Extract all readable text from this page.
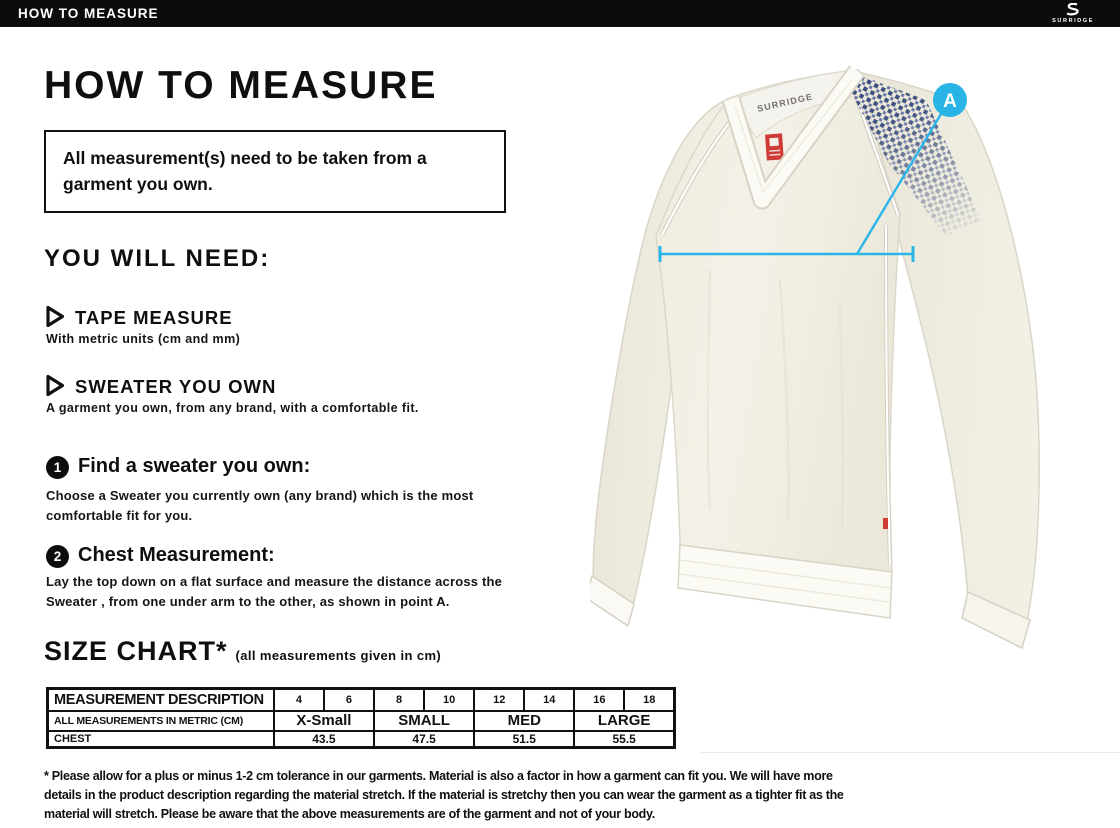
HOW TO MEASURE	SURRIDGE
HOW TO MEASURE
All measurement(s) need to be taken from a garment you own.
YOU WILL NEED:
TAPE MEASURE
With metric units (cm and mm)
SWEATER YOU OWN
A garment you own, from any brand, with a comfortable fit.
1 Find a sweater you own:
Choose a Sweater you currently own (any brand) which is the most comfortable fit for you.
2 Chest Measurement:
Lay the top down on a flat surface and measure the distance across the Sweater , from one under arm to the other, as shown in point A.
SIZE CHART* (all measurements given in cm)
MEASUREMENT DESCRIPTION	4	6	8	10	12	14	16	18
ALL MEASUREMENTS IN METRIC (CM)	X-Small		SMALL		MED		LARGE	
CHEST	43.5		47.5		51.5		55.5	
* Please allow for a plus or minus 1-2 cm tolerance in our garments. Material is also a factor in how a garment can fit you. We will have more details in the product description regarding the material stretch. If the material is stretchy then you can wear the garment as a tighter fit as the material will stretch. Please be aware that the above measurements are of the garment and not of your body.
SURRIDGE	A
